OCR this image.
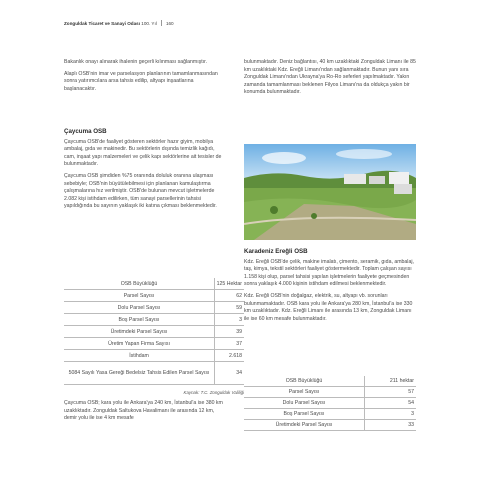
Zonguldak Ticaret ve Sanayi Odası 100. Yıl 160

Bakanlık onayı alınarak ihalenin geçerli kılınması sağlanmıştır.

Alaplı OSB'nin imar ve parselasyon planlarının tamamlanmasından sonra yatırımcılara arsa tahsis edilip, altyapı inşaatlarına başlanacaktır.

Çaycuma OSB

Çaycuma OSB'de faaliyet gösteren sektörler hazır giyim, mobilya ambalaj, gıda ve makinedir. Bu sektörlerin dışında temizlik kağıdı, cam, inşaat yapı malzemeleri ve çelik kapı sektörlerine ait tesisler de bulunmaktadır.

Çaycuma OSB şimdiden %75 oranında doluluk oranına ulaşması sebebiyle; OSB'nin büyütülebilmesi için planlanan kamulaştırma çalışmalarına hız verilmiştir. OSB'de bulunan mevcut işletmelerde 2.082 kişi istihdam edilirken, tüm sanayi parsellerinin tahsisi yapıldığında bu sayının yaklaşık iki katına çıkması beklenmektedir.

OSB Büyüklüğü	125 Hektar
Parsel Sayısı	62
Dolu Parsel Sayısı	59
Boş Parsel Sayısı	3
Üretimdeki Parsel Sayısı	39
Üretim Yapan Firma Sayısı	37
İstihdam	2.618
5084 Sayılı Yasa Gereği Bedelsiz Tahsis Edilen Parsel Sayısı	34
Kaynak: T.C. Zonguldak Valiliği

Çaycuma OSB; kara yolu ile Ankara'ya 240 km, İstanbul'a ise 380 km uzaklıktadır. Zonguldak Saltukova Havalimanı ile arasında 12 km, demir yolu ile ise 4 km mesafe

bulunmaktadır. Deniz bağlantısı, 40 km uzaklıktaki Zonguldak Limanı ile 85 km uzaklıktaki Kdz. Ereğli Limanı'ndan sağlanmaktadır. Bunun yanı sıra Zonguldak Limanı'ndan Ukrayna'ya Ro-Ro seferleri yapılmaktadır. Yakın zamanda tamamlanması beklenen Filyos Limanı'na da oldukça yakın bir konumda bulunmaktadır.

Karadeniz Ereğli OSB

Kdz. Ereğli OSB'de çelik, makine imalatı, çimento, seramik, gıda, ambalaj, taş, kimya, tekstil sektörleri faaliyet göstermektedir. Toplam çalışan sayısı 1.158 kişi olup, parsel tahsisi yapılan işletmelerin faaliyete geçmesinden sonra yaklaşık 4.000 kişinin istihdam edilmesi beklenmektedir.

Kdz. Ereğli OSB'nin doğalgaz, elektrik, su, altyapı vb. sorunları bulunmamaktadır. OSB kara yolu ile Ankara'ya 280 km, İstanbul'a ise 330 km uzaklıktadır. Kdz. Ereğli Limanı ile arasında 13 km, Zonguldak Limanı ile ise 60 km mesafe bulunmaktadır.

OSB Büyüklüğü	211 hektar
Parsel Sayısı	57
Dolu Parsel Sayısı	54
Boş Parsel Sayısı	3
Üretimdeki Parsel Sayısı	33
